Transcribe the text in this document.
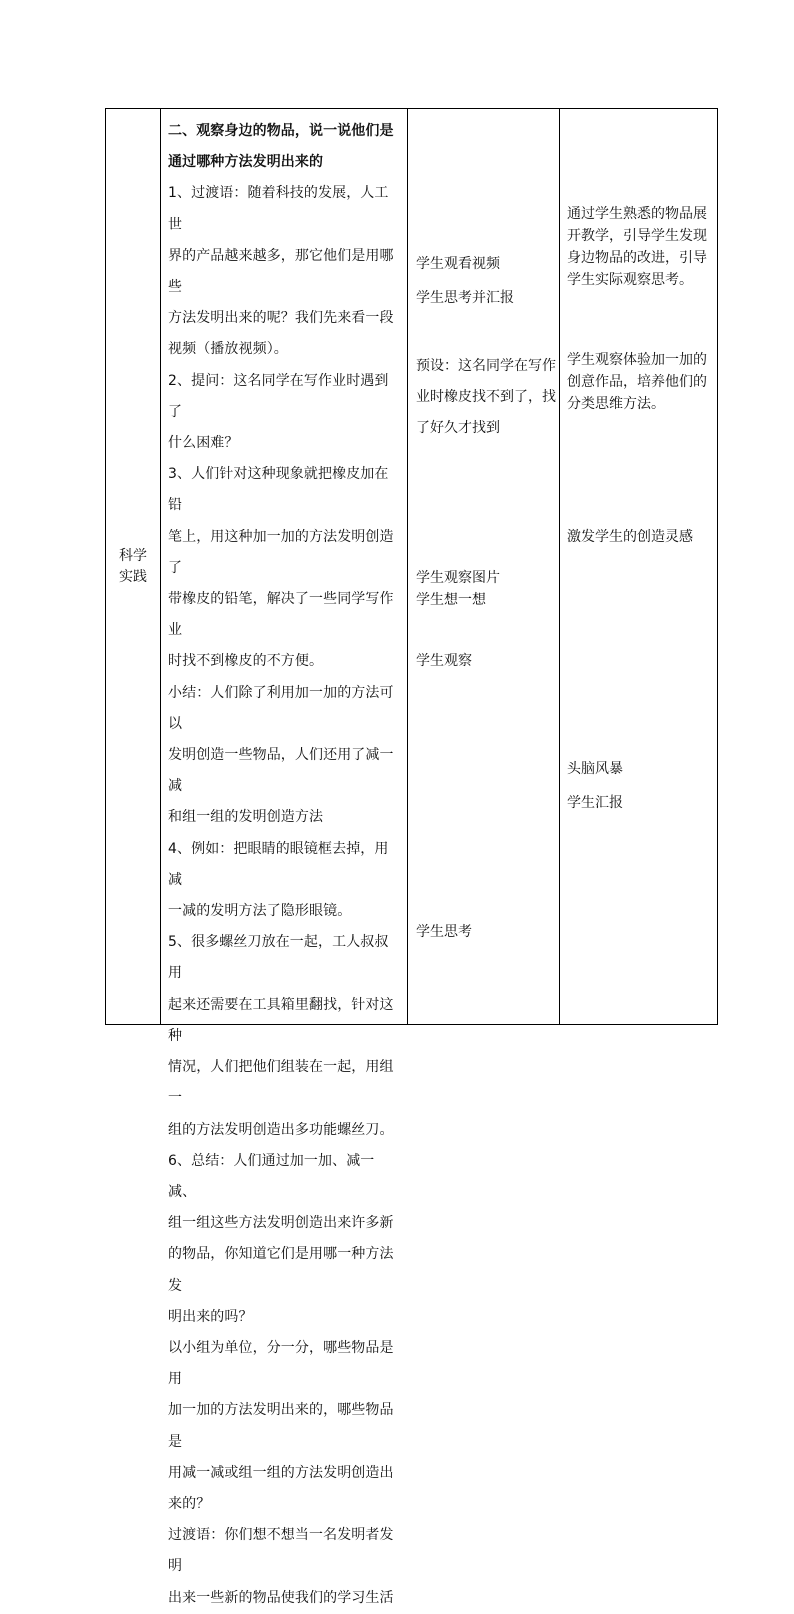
科学
实践

二、观察身边的物品，说一说他们是

通过哪种方法发明出来的

1、过渡语：随着科技的发展，人工世

界的产品越来越多，那它他们是用哪些

方法发明出来的呢？我们先来看一段

视频（播放视频）。

2、提问：这名同学在写作业时遇到了

什么困难？

3、人们针对这种现象就把橡皮加在铅

笔上，用这种加一加的方法发明创造了

带橡皮的铅笔，解决了一些同学写作业

时找不到橡皮的不方便。

小结：人们除了利用加一加的方法可以

发明创造一些物品，人们还用了减一减

和组一组的发明创造方法

4、例如：把眼睛的眼镜框去掉，用减

一减的发明方法了隐形眼镜。

5、很多螺丝刀放在一起，工人叔叔用

起来还需要在工具箱里翻找，针对这种

情况，人们把他们组装在一起，用组一

组的方法发明创造出多功能螺丝刀。

6、总结：人们通过加一加、减一减、

组一组这些方法发明创造出来许多新

的物品，你知道它们是用哪一种方法发

明出来的吗？

以小组为单位，分一分，哪些物品是用

加一加的方法发明出来的，哪些物品是

用减一减或组一组的方法发明创造出

来的？

过渡语：你们想不想当一名发明者发明

出来一些新的物品使我们的学习生活

学生观看视频

学生思考并汇报

预设：这名同学在写作
业时橡皮找不到了，找
了好久才找到

学生观察图片

学生想一想

学生观察

学生思考

通过学生熟悉的物品展
开教学，引导学生发现
身边物品的改进，引导
学生实际观察思考。

学生观察体验加一加的
创意作品，培养他们的
分类思维方法。

激发学生的创造灵感

头脑风暴

学生汇报
